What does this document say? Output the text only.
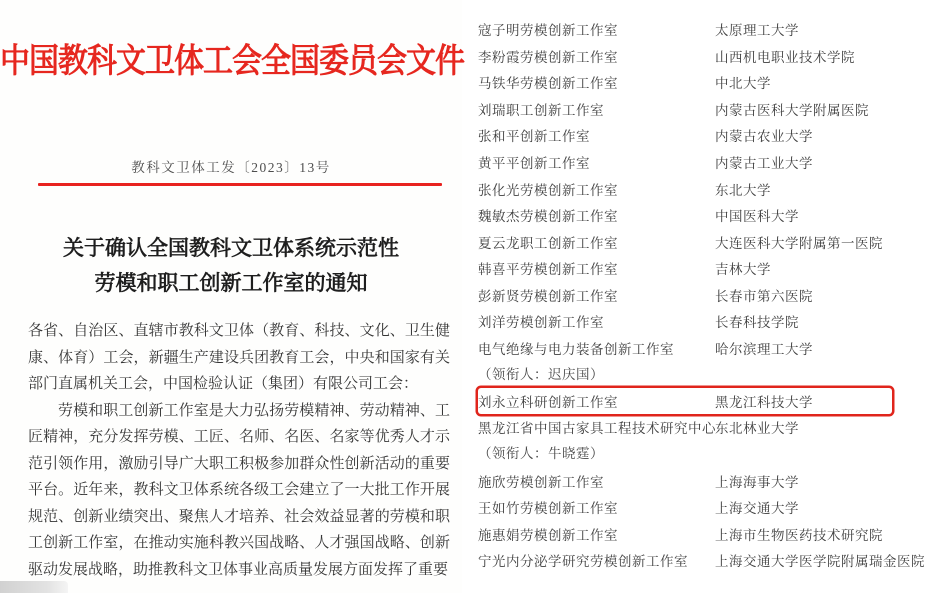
中国教科文卫体工会全国委员会文件
教科文卫体工发〔2023〕13号
关于确认全国教科文卫体系统示范性
劳模和职工创新工作室的通知

各省、自治区、直辖市教科文卫体（教育、科技、文化、卫生健康、体育）工会，新疆生产建设兵团教育工会，中央和国家有关部门直属机关工会，中国检验认证（集团）有限公司工会：

劳模和职工创新工作室是大力弘扬劳模精神、劳动精神、工匠精神，充分发挥劳模、工匠、名师、名医、名家等优秀人才示范引领作用，激励引导广大职工积极参加群众性创新活动的重要平台。近年来，教科文卫体系统各级工会建立了一大批工作开展规范、创新业绩突出、聚焦人才培养、社会效益显著的劳模和职工创新工作室，在推动实施科教兴国战略、人才强国战略、创新驱动发展战略，助推教科文卫体事业高质量发展方面发挥了重要

寇子明劳模创新工作室	太原理工大学
李粉霞劳模创新工作室	山西机电职业技术学院
马铁华劳模创新工作室	中北大学
刘瑞职工创新工作室	内蒙古医科大学附属医院
张和平创新工作室	内蒙古农业大学
黄平平创新工作室	内蒙古工业大学
张化光劳模创新工作室	东北大学
魏敏杰劳模创新工作室	中国医科大学
夏云龙职工创新工作室	大连医科大学附属第一医院
韩喜平劳模创新工作室	吉林大学
彭新贤劳模创新工作室	长春市第六医院
刘洋劳模创新工作室	长春科技学院
电气绝缘与电力装备创新工作室	哈尔滨理工大学
（领衔人：迟庆国）
刘永立科研创新工作室	黑龙江科技大学
黑龙江省中国古家具工程技术研究中心 东北林业大学
（领衔人：牛晓霆）
施欣劳模创新工作室	上海海事大学
王如竹劳模创新工作室	上海交通大学
施惠娟劳模创新工作室	上海市生物医药技术研究院
宁光内分泌学研究劳模创新工作室	上海交通大学医学院附属瑞金医院
